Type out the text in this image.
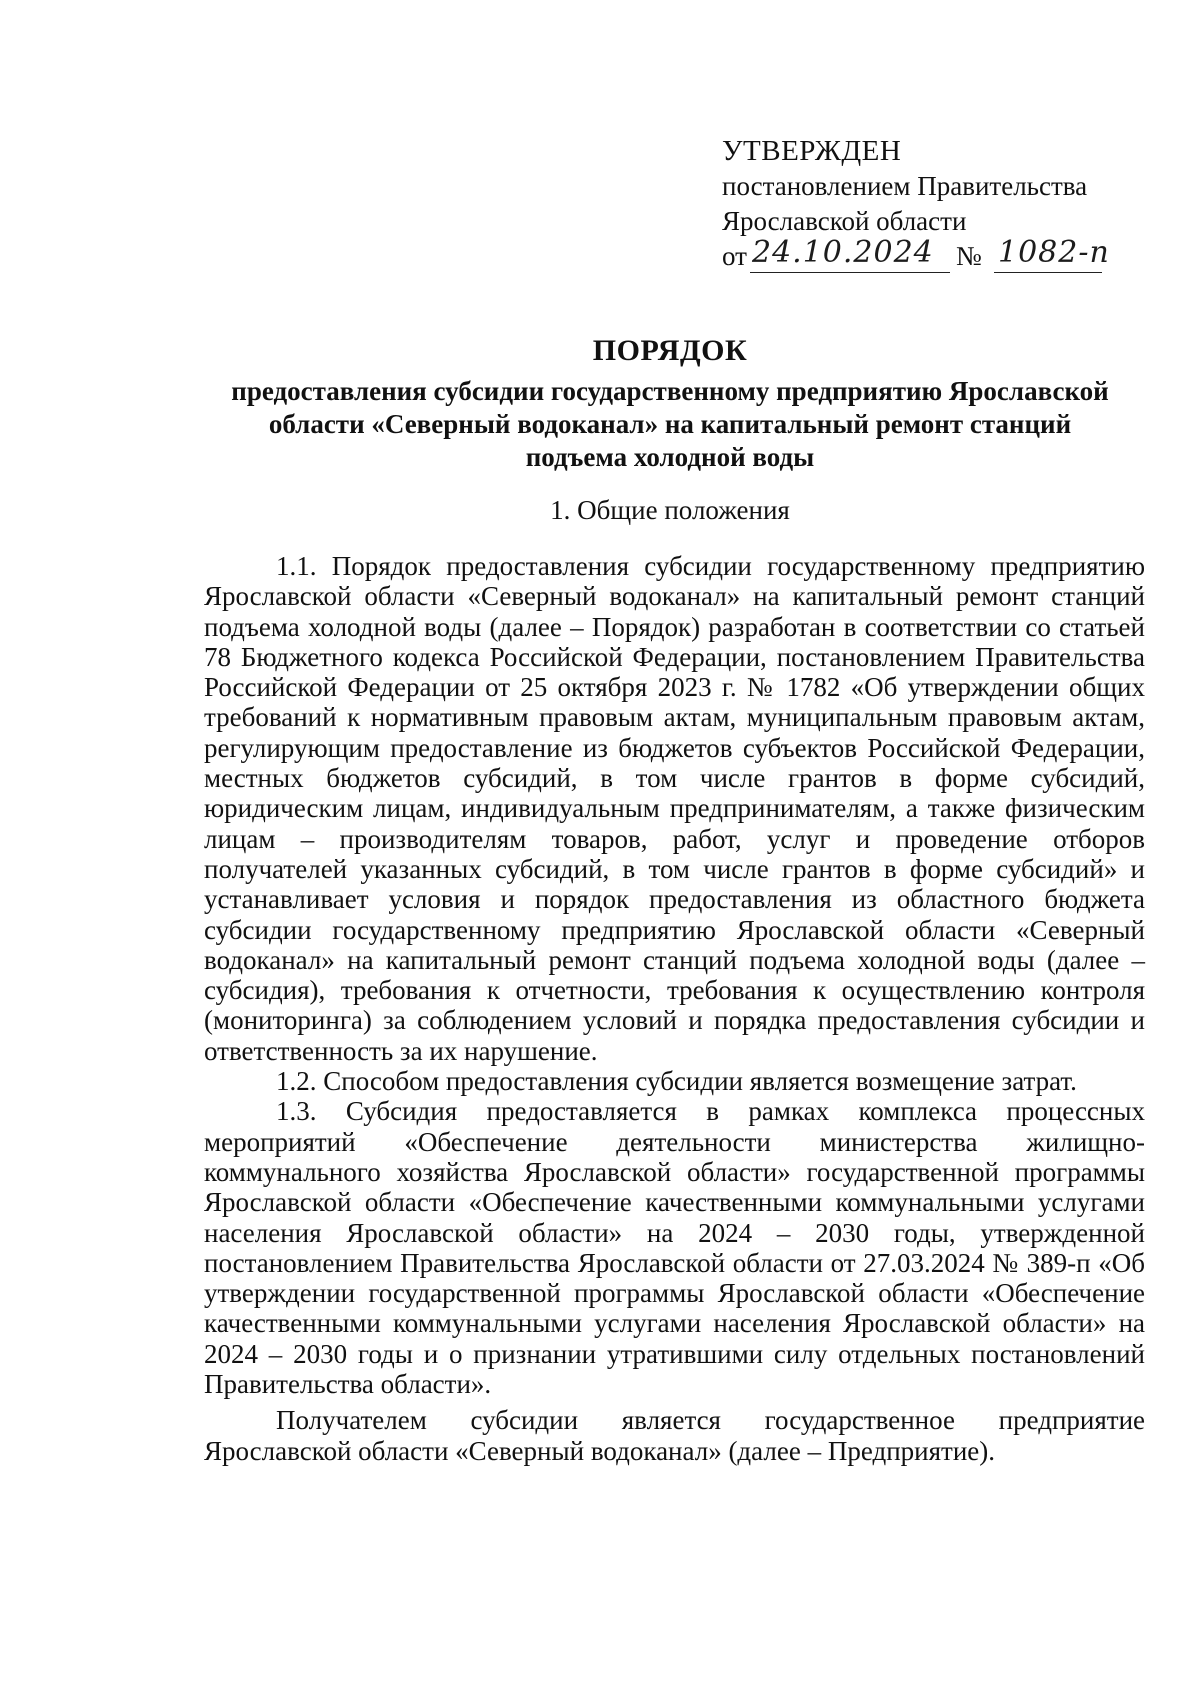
УТВЕРЖДЕН
постановлением Правительства
Ярославской области
от 24.10.2024 № 1082-п
ПОРЯДОК
предоставления субсидии государственному предприятию Ярославской
области «Северный водоканал» на капитальный ремонт станций
подъема холодной воды
1. Общие положения

1.1. Порядок предоставления субсидии государственному предприятию Ярославской области «Северный водоканал» на капитальный ремонт станций подъема холодной воды (далее – Порядок) разработан в соответствии со статьей 78 Бюджетного кодекса Российской Федерации, постановлением Правительства Российской Федерации от 25 октября 2023 г. № 1782 «Об утверждении общих требований к нормативным правовым актам, муниципальным правовым актам, регулирующим предоставление из бюджетов субъектов Российской Федерации, местных бюджетов субсидий, в том числе грантов в форме субсидий, юридическим лицам, индивидуальным предпринимателям, а также физическим лицам – производителям товаров, работ, услуг и проведение отборов получателей указанных субсидий, в том числе грантов в форме субсидий» и устанавливает условия и порядок предоставления из областного бюджета субсидии государственному предприятию Ярославской области «Северный водоканал» на капитальный ремонт станций подъема холодной воды (далее – субсидия), требования к отчетности, требования к осуществлению контроля (мониторинга) за соблюдением условий и порядка предоставления субсидии и ответственность за их нарушение.

1.2. Способом предоставления субсидии является возмещение затрат.

1.3. Субсидия предоставляется в рамках комплекса процессных мероприятий «Обеспечение деятельности министерства жилищно-коммунального хозяйства Ярославской области» государственной программы Ярославской области «Обеспечение качественными коммунальными услугами населения Ярославской области» на 2024 – 2030 годы, утвержденной постановлением Правительства Ярославской области от 27.03.2024 № 389-п «Об утверждении государственной программы Ярославской области «Обеспечение качественными коммунальными услугами населения Ярославской области» на 2024 – 2030 годы и о признании утратившими силу отдельных постановлений Правительства области».

Получателем субсидии является государственное предприятие Ярославской области «Северный водоканал» (далее – Предприятие).
